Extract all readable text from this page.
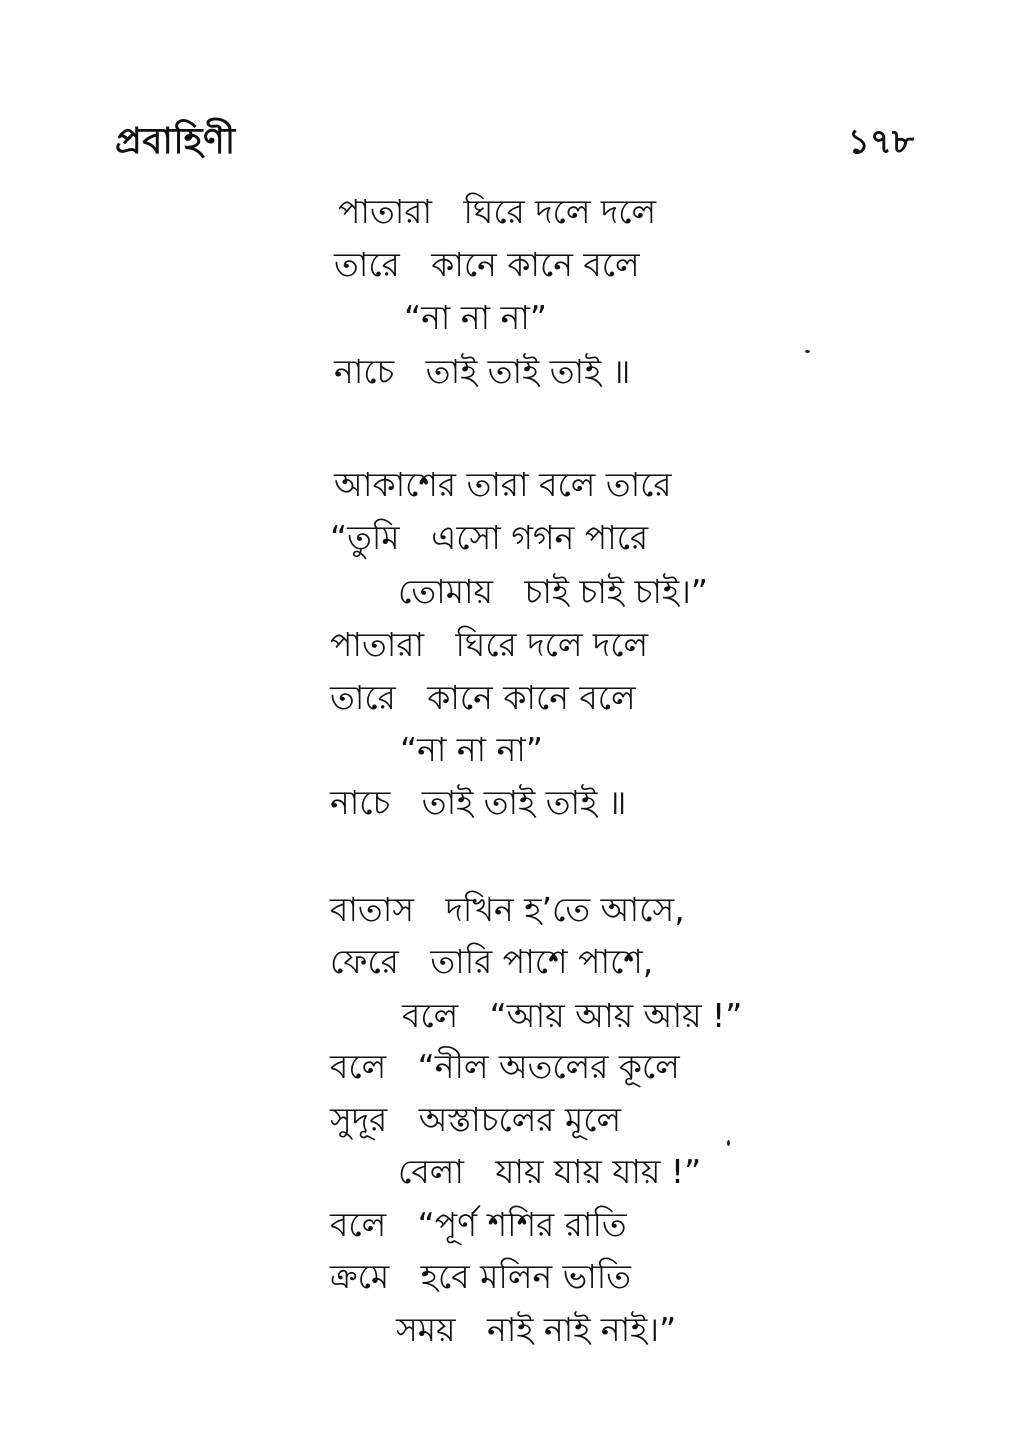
প্রবাহিণী	১৭৮
পাতারা   ঘিরে দলে দলে
তারে   কানে কানে বলে
“না না না”
নাচে   তাই তাই তাই ॥
আকাশের তারা বলে তারে
“তুমি   এসো গগন পারে
তোমায়   চাই চাই চাই।”
পাতারা   ঘিরে দলে দলে
তারে   কানে কানে বলে
“না না না”
নাচে   তাই তাই তাই ॥
বাতাস   দখিন হ’তে আসে,
ফেরে   তারি পাশে পাশে,
বলে   “আয় আয় আয় !”
বলে   “নীল অতলের কূলে
সুদূর   অস্তাচলের মূলে
বেলা   যায় যায় যায় !”
বলে   “পূর্ণ শশির রাতি
ক্রমে   হবে মলিন ভাতি
সময়   নাই নাই নাই।”
